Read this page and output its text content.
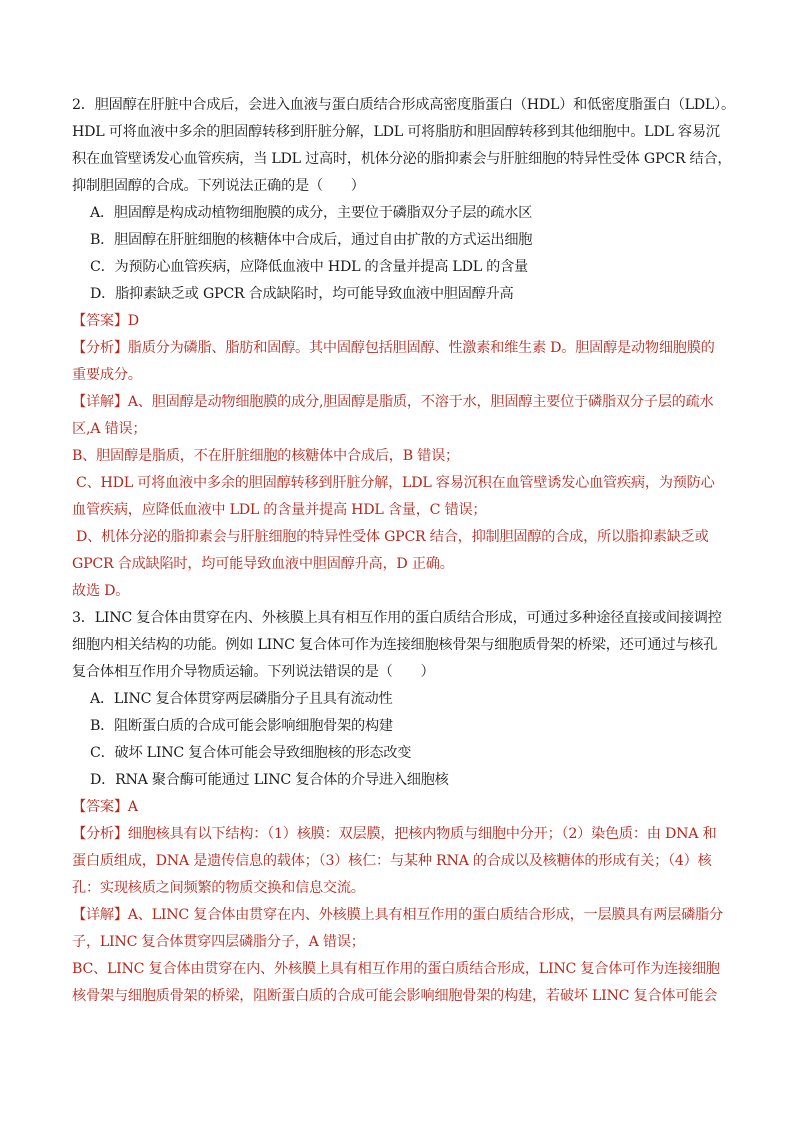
2．胆固醇在肝脏中合成后，会进入血液与蛋白质结合形成高密度脂蛋白（HDL）和低密度脂蛋白（LDL）。
HDL 可将血液中多余的胆固醇转移到肝脏分解，LDL 可将脂肪和胆固醇转移到其他细胞中。LDL 容易沉
积在血管壁诱发心血管疾病，当 LDL 过高时，机体分泌的脂抑素会与肝脏细胞的特异性受体 GPCR 结合，
抑制胆固醇的合成。下列说法正确的是（　　）
A．胆固醇是构成动植物细胞膜的成分，主要位于磷脂双分子层的疏水区
B．胆固醇在肝脏细胞的核糖体中合成后，通过自由扩散的方式运出细胞
C．为预防心血管疾病，应降低血液中 HDL 的含量并提高 LDL 的含量
D．脂抑素缺乏或 GPCR 合成缺陷时，均可能导致血液中胆固醇升高
【答案】D
【分析】脂质分为磷脂、脂肪和固醇。其中固醇包括胆固醇、性激素和维生素 D。胆固醇是动物细胞膜的
重要成分。
【详解】A、胆固醇是动物细胞膜的成分,胆固醇是脂质，不溶于水，胆固醇主要位于磷脂双分子层的疏水
区,A 错误；
B、胆固醇是脂质，不在肝脏细胞的核糖体中合成后，B 错误；
C、HDL 可将血液中多余的胆固醇转移到肝脏分解，LDL 容易沉积在血管壁诱发心血管疾病，为预防心
血管疾病，应降低血液中 LDL 的含量并提高 HDL 含量，C 错误；
D、机体分泌的脂抑素会与肝脏细胞的特异性受体 GPCR 结合，抑制胆固醇的合成，所以脂抑素缺乏或
GPCR 合成缺陷时，均可能导致血液中胆固醇升高，D 正确。
故选 D。
3．LINC 复合体由贯穿在内、外核膜上具有相互作用的蛋白质结合形成，可通过多种途径直接或间接调控
细胞内相关结构的功能。例如 LINC 复合体可作为连接细胞核骨架与细胞质骨架的桥梁，还可通过与核孔
复合体相互作用介导物质运输。下列说法错误的是（　　）
A．LINC 复合体贯穿两层磷脂分子且具有流动性
B．阻断蛋白质的合成可能会影响细胞骨架的构建
C．破坏 LINC 复合体可能会导致细胞核的形态改变
D．RNA 聚合酶可能通过 LINC 复合体的介导进入细胞核
【答案】A
【分析】细胞核具有以下结构：（1）核膜：双层膜，把核内物质与细胞中分开；（2）染色质：由 DNA 和
蛋白质组成，DNA 是遗传信息的载体；（3）核仁：与某种 RNA 的合成以及核糖体的形成有关；（4）核
孔：实现核质之间频繁的物质交换和信息交流。
【详解】A、LINC 复合体由贯穿在内、外核膜上具有相互作用的蛋白质结合形成，一层膜具有两层磷脂分
子，LINC 复合体贯穿四层磷脂分子，A 错误；
BC、LINC 复合体由贯穿在内、外核膜上具有相互作用的蛋白质结合形成，LINC 复合体可作为连接细胞
核骨架与细胞质骨架的桥梁，阻断蛋白质的合成可能会影响细胞骨架的构建，若破坏 LINC 复合体可能会
